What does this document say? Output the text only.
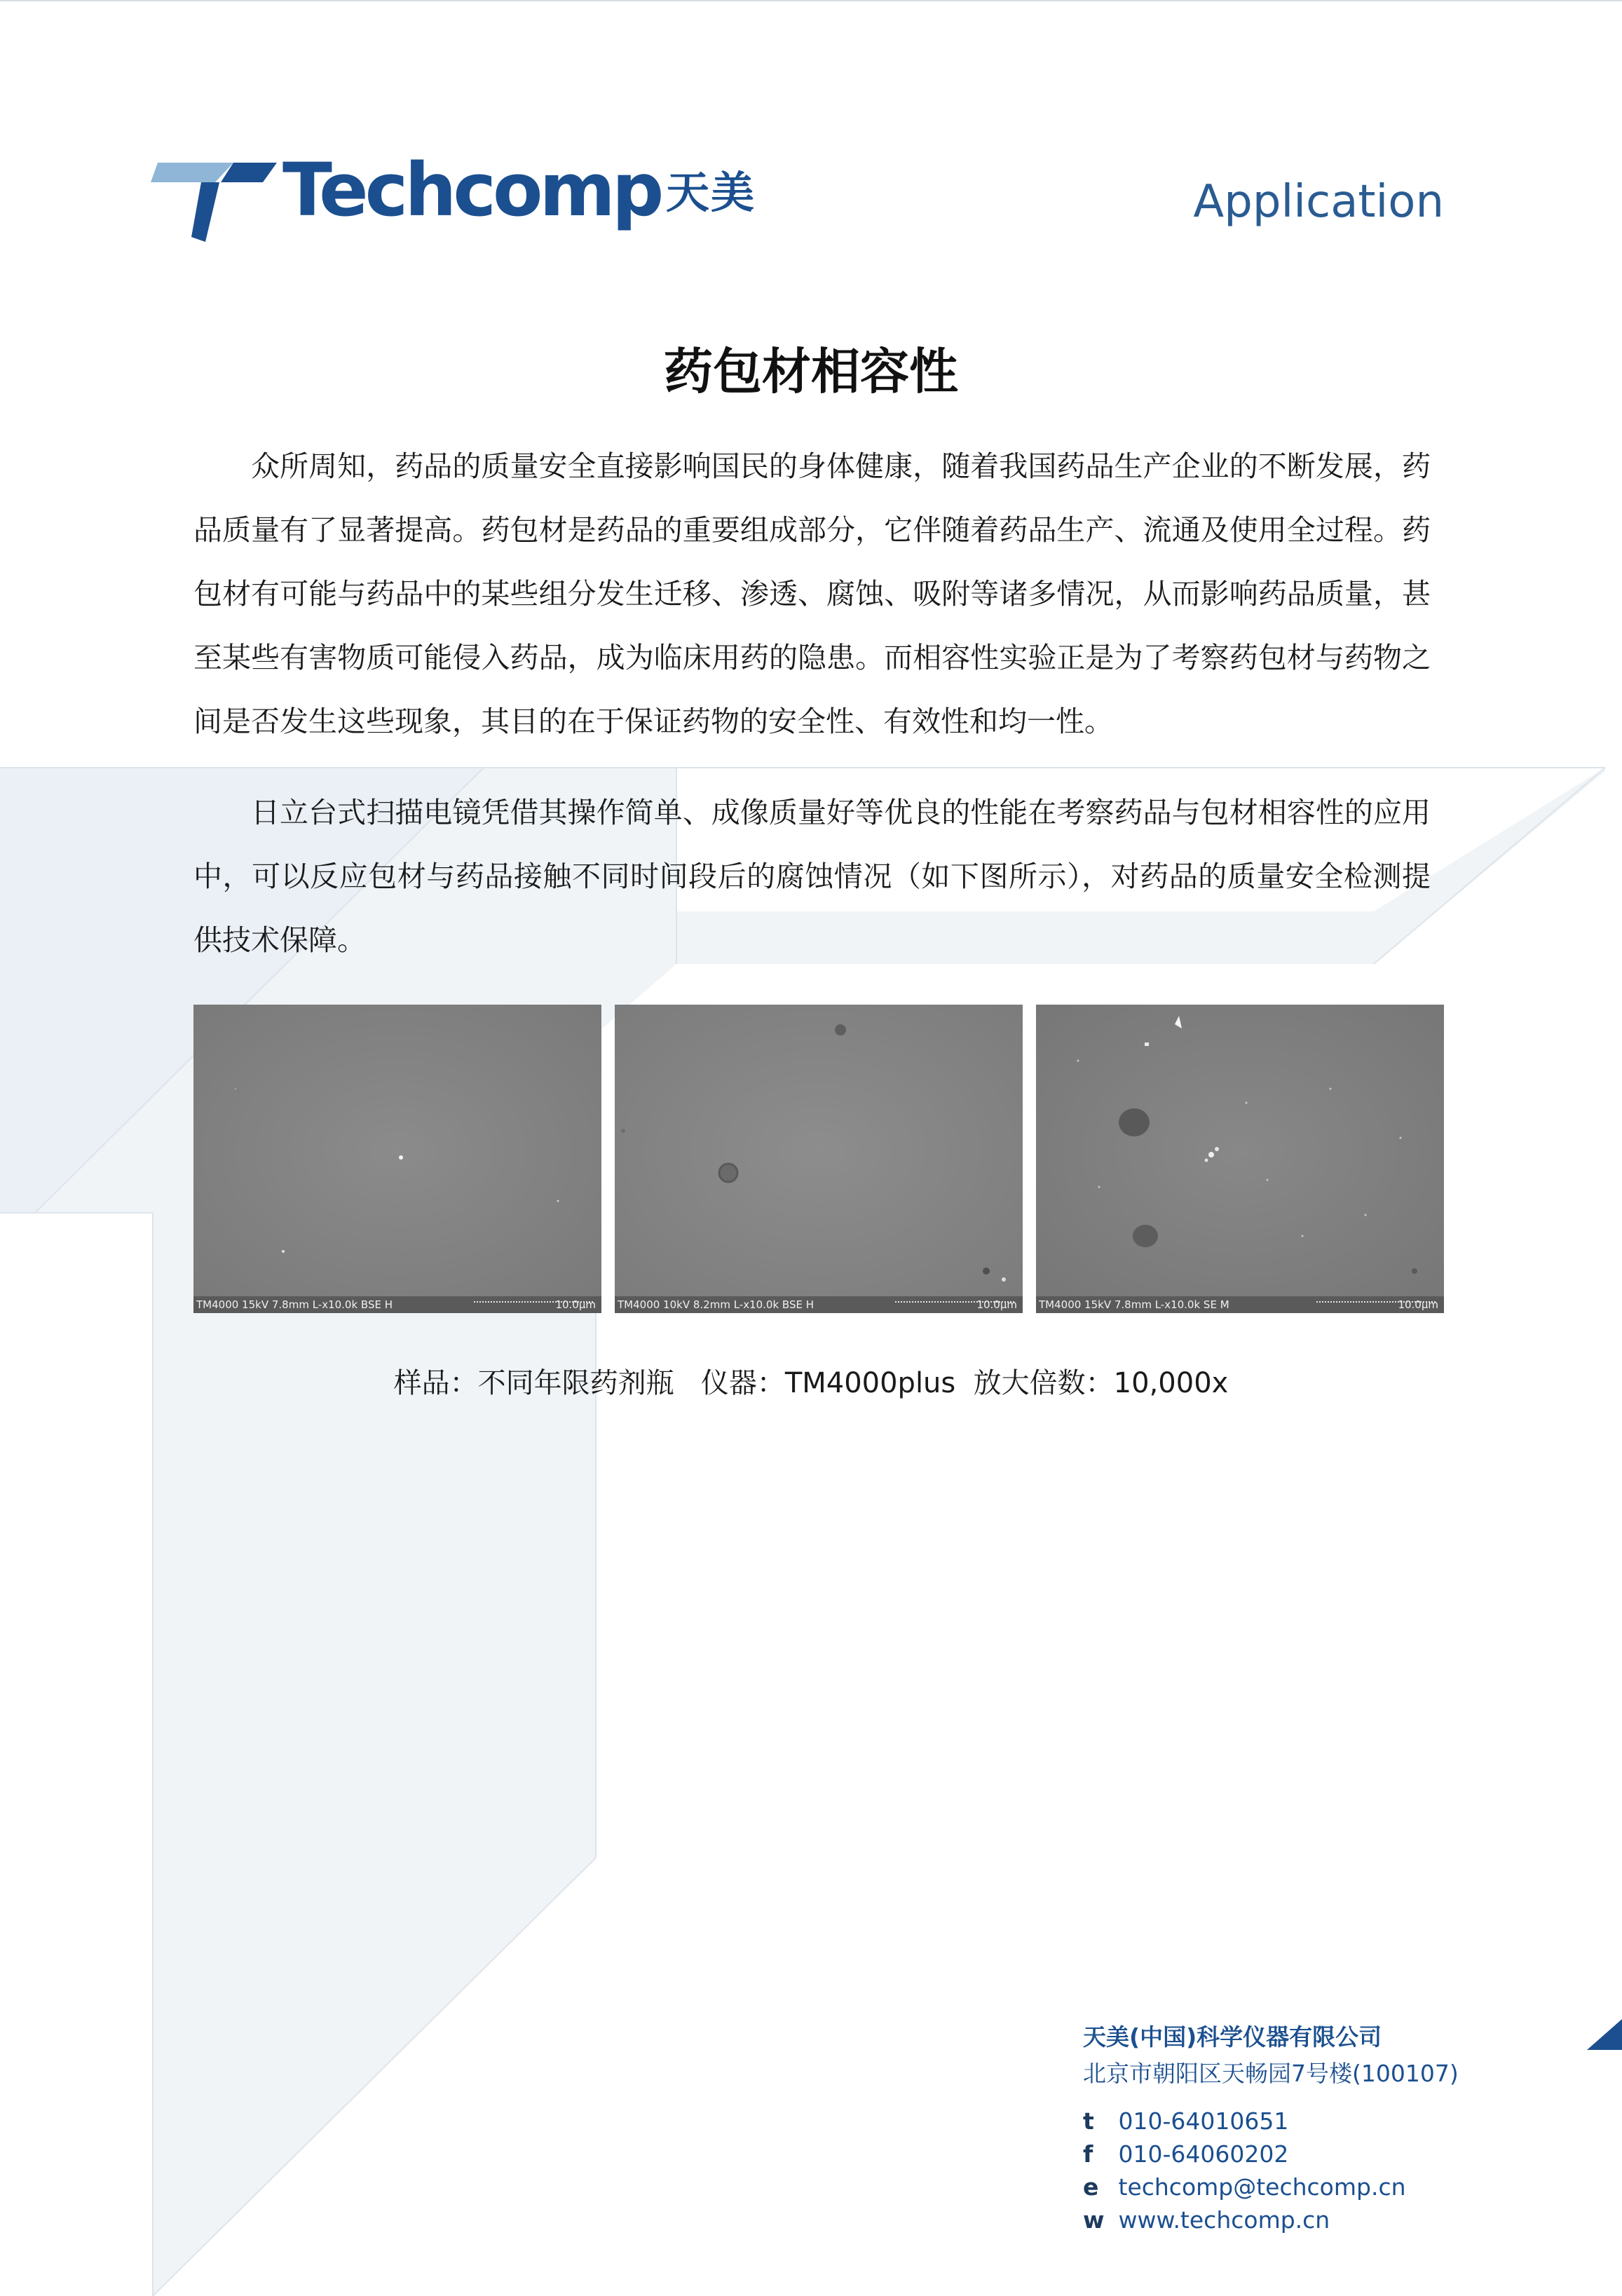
Techcomp 天美	Application
药包材相容性

众所周知，药品的质量安全直接影响国民的身体健康，随着我国药品生产企业的不断发展，药品质量有了显著提高。药包材是药品的重要组成部分，它伴随着药品生产、流通及使用全过程。药包材有可能与药品中的某些组分发生迁移、渗透、腐蚀、吸附等诸多情况，从而影响药品质量，甚至某些有害物质可能侵入药品，成为临床用药的隐患。而相容性实验正是为了考察药包材与药物之间是否发生这些现象，其目的在于保证药物的安全性、有效性和均一性。

日立台式扫描电镜凭借其操作简单、成像质量好等优良的性能在考察药品与包材相容性的应用中，可以反应包材与药品接触不同时间段后的腐蚀情况（如下图所示），对药品的质量安全检测提供技术保障。

TM4000 15kV 7.8mm L-x10.0k BSE H	10.0μm TM4000 10kV 8.2mm L-x10.0k BSE H	10.0μm TM4000 15kV 7.8mm L-x10.0k SE M	10.0μm
样品：不同年限药剂瓶   仪器：TM4000plus  放大倍数：10,000x
天美(中国)科学仪器有限公司
北京市朝阳区天畅园7号楼(100107)
t 010-64010651
f 010-64060202
e techcomp@techcomp.cn
w www.techcomp.cn
